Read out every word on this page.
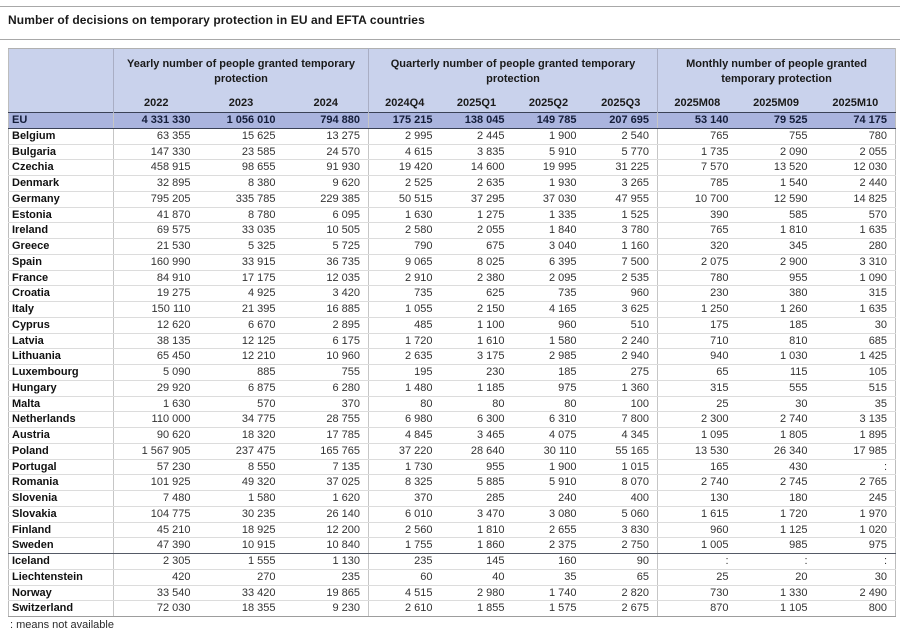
Number of decisions on temporary protection in EU and EFTA countries
	Yearly number of people granted temporary protection			Quarterly number of people granted temporary protection				Monthly number of people granted temporary protection		
	2022	2023	2024	2024Q4	2025Q1	2025Q2	2025Q3	2025M08	2025M09	2025M10
EU	4 331 330	1 056 010	794 880	175 215	138 045	149 785	207 695	53 140	79 525	74 175
Belgium	63 355	15 625	13 275	2 995	2 445	1 900	2 540	765	755	780
Bulgaria	147 330	23 585	24 570	4 615	3 835	5 910	5 770	1 735	2 090	2 055
Czechia	458 915	98 655	91 930	19 420	14 600	19 995	31 225	7 570	13 520	12 030
Denmark	32 895	8 380	9 620	2 525	2 635	1 930	3 265	785	1 540	2 440
Germany	795 205	335 785	229 385	50 515	37 295	37 030	47 955	10 700	12 590	14 825
Estonia	41 870	8 780	6 095	1 630	1 275	1 335	1 525	390	585	570
Ireland	69 575	33 035	10 505	2 580	2 055	1 840	3 780	765	1 810	1 635
Greece	21 530	5 325	5 725	790	675	3 040	1 160	320	345	280
Spain	160 990	33 915	36 735	9 065	8 025	6 395	7 500	2 075	2 900	3 310
France	84 910	17 175	12 035	2 910	2 380	2 095	2 535	780	955	1 090
Croatia	19 275	4 925	3 420	735	625	735	960	230	380	315
Italy	150 110	21 395	16 885	1 055	2 150	4 165	3 625	1 250	1 260	1 635
Cyprus	12 620	6 670	2 895	485	1 100	960	510	175	185	30
Latvia	38 135	12 125	6 175	1 720	1 610	1 580	2 240	710	810	685
Lithuania	65 450	12 210	10 960	2 635	3 175	2 985	2 940	940	1 030	1 425
Luxembourg	5 090	885	755	195	230	185	275	65	115	105
Hungary	29 920	6 875	6 280	1 480	1 185	975	1 360	315	555	515
Malta	1 630	570	370	80	80	80	100	25	30	35
Netherlands	110 000	34 775	28 755	6 980	6 300	6 310	7 800	2 300	2 740	3 135
Austria	90 620	18 320	17 785	4 845	3 465	4 075	4 345	1 095	1 805	1 895
Poland	1 567 905	237 475	165 765	37 220	28 640	30 110	55 165	13 530	26 340	17 985
Portugal	57 230	8 550	7 135	1 730	955	1 900	1 015	165	430	:
Romania	101 925	49 320	37 025	8 325	5 885	5 910	8 070	2 740	2 745	2 765
Slovenia	7 480	1 580	1 620	370	285	240	400	130	180	245
Slovakia	104 775	30 235	26 140	6 010	3 470	3 080	5 060	1 615	1 720	1 970
Finland	45 210	18 925	12 200	2 560	1 810	2 655	3 830	960	1 125	1 020
Sweden	47 390	10 915	10 840	1 755	1 860	2 375	2 750	1 005	985	975
Iceland	2 305	1 555	1 130	235	145	160	90	:	:	:
Liechtenstein	420	270	235	60	40	35	65	25	20	30
Norway	33 540	33 420	19 865	4 515	2 980	1 740	2 820	730	1 330	2 490
Switzerland	72 030	18 355	9 230	2 610	1 855	1 575	2 675	870	1 105	800
: means not available
